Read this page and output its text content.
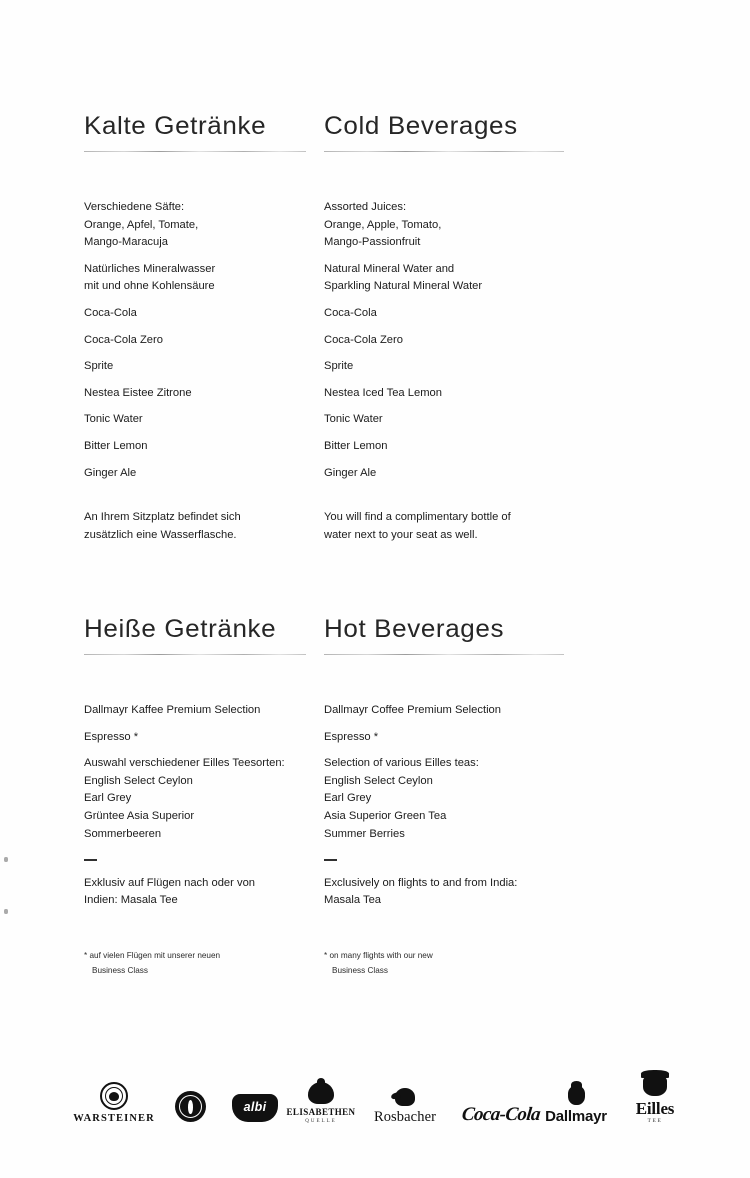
Kalte Getränke
Verschiedene Säfte:
Orange, Apfel, Tomate,
Mango-Maracuja
Natürliches Mineralwasser
mit und ohne Kohlensäure
Coca-Cola
Coca-Cola Zero
Sprite
Nestea Eistee Zitrone
Tonic Water
Bitter Lemon
Ginger Ale
An Ihrem Sitzplatz befindet sich
zusätzlich eine Wasserflasche.
Cold Beverages
Assorted Juices:
Orange, Apple, Tomato,
Mango-Passionfruit
Natural Mineral Water and
Sparkling Natural Mineral Water
Coca-Cola
Coca-Cola Zero
Sprite
Nestea Iced Tea Lemon
Tonic Water
Bitter Lemon
Ginger Ale
You will find a complimentary bottle of
water next to your seat as well.
Heiße Getränke
Dallmayr Kaffee Premium Selection
Espresso *
Auswahl verschiedener Eilles Teesorten:
English Select Ceylon
Earl Grey
Grüntee Asia Superior
Sommerbeeren
Exklusiv auf Flügen nach oder von
Indien: Masala Tee
* auf vielen Flügen mit unserer neuen
Business Class
Hot Beverages
Dallmayr Coffee Premium Selection
Espresso *
Selection of various Eilles teas:
English Select Ceylon
Earl Grey
Asia Superior Green Tea
Summer Berries
Exclusively on flights to and from India:
Masala Tea
* on many flights with our new
Business Class
WARSTEINER
albi
ELISABETHEN
QUELLE	Rosbacher	Coca-Cola Dallmayr	Eilles
TEE
